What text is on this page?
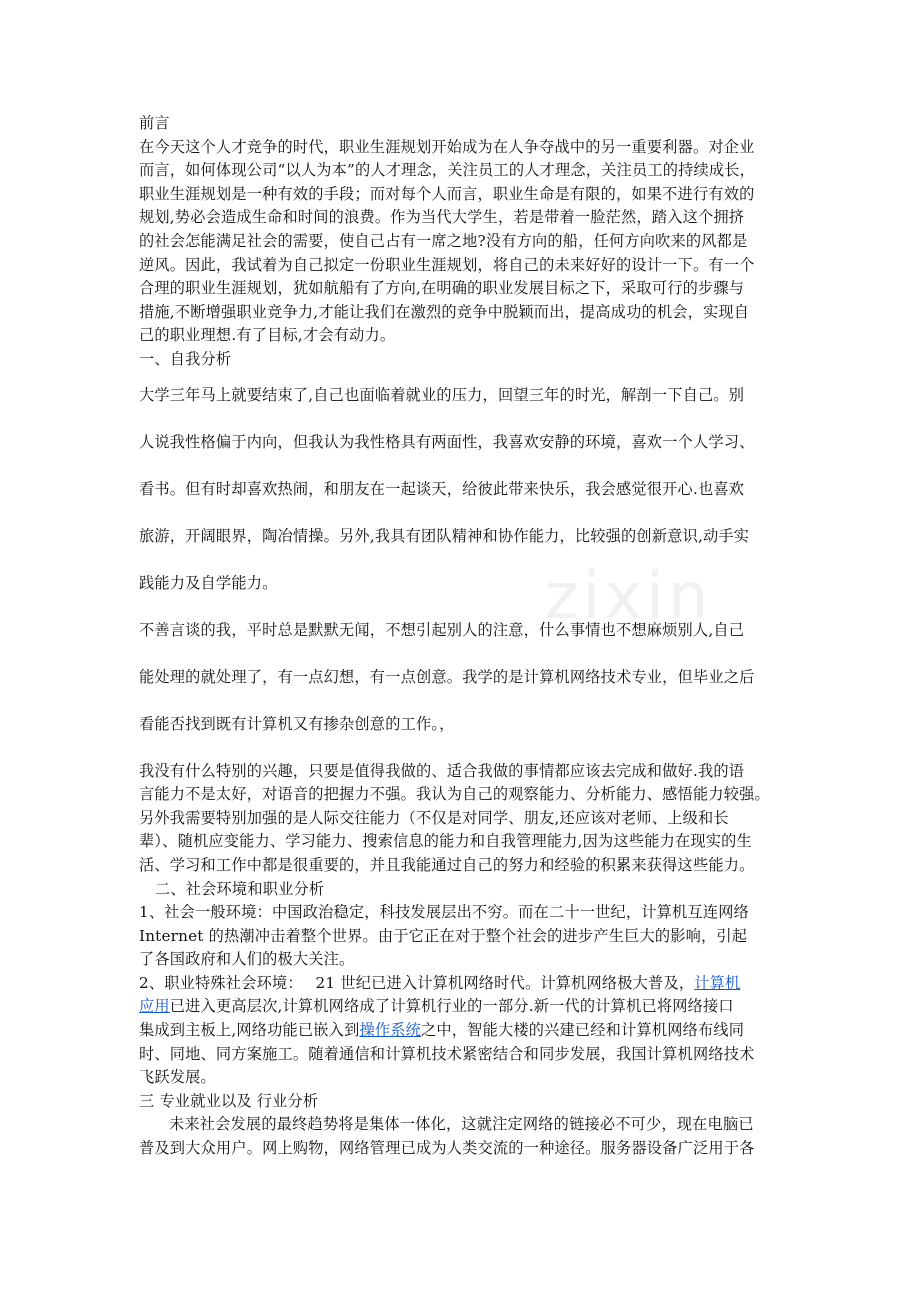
zixin
前言
在今天这个人才竞争的时代，职业生涯规划开始成为在人争夺战中的另一重要利器。对企业
而言，如何体现公司“以人为本”的人才理念，关注员工的人才理念，关注员工的持续成长，
职业生涯规划是一种有效的手段；而对每个人而言，职业生命是有限的，如果不进行有效的
规划,势必会造成生命和时间的浪费。作为当代大学生，若是带着一脸茫然，踏入这个拥挤
的社会怎能满足社会的需要，使自己占有一席之地?没有方向的船，任何方向吹来的风都是
逆风。因此，我试着为自己拟定一份职业生涯规划，将自己的未来好好的设计一下。有一个
合理的职业生涯规划，犹如航船有了方向,在明确的职业发展目标之下，采取可行的步骤与
措施,不断增强职业竞争力,才能让我们在激烈的竞争中脱颖而出，提高成功的机会，实现自
己的职业理想.有了目标,才会有动力。
一、自我分析
大学三年马上就要结束了,自己也面临着就业的压力，回望三年的时光，解剖一下自己。别
人说我性格偏于内向，但我认为我性格具有两面性，我喜欢安静的环境，喜欢一个人学习、
看书。但有时却喜欢热闹，和朋友在一起谈天，给彼此带来快乐，我会感觉很开心.也喜欢
旅游，开阔眼界，陶冶情操。另外,我具有团队精神和协作能力，比较强的创新意识,动手实
践能力及自学能力。
不善言谈的我，平时总是默默无闻，不想引起别人的注意，什么事情也不想麻烦别人,自己
能处理的就处理了，有一点幻想，有一点创意。我学的是计算机网络技术专业，但毕业之后
看能否找到既有计算机又有掺杂创意的工作。，
我没有什么特别的兴趣，只要是值得我做的、适合我做的事情都应该去完成和做好.我的语
言能力不是太好，对语音的把握力不强。我认为自己的观察能力、分析能力、感悟能力较强。
另外我需要特别加强的是人际交往能力（不仅是对同学、朋友,还应该对老师、上级和长
辈）、随机应变能力、学习能力、搜索信息的能力和自我管理能力,因为这些能力在现实的生
活、学习和工作中都是很重要的，并且我能通过自己的努力和经验的积累来获得这些能力。
二、社会环境和职业分析
1、社会一般环境：中国政治稳定，科技发展层出不穷。而在二十一世纪，计算机互连网络
Internet 的热潮冲击着整个世界。由于它正在对于整个社会的进步产生巨大的影响，引起
了各国政府和人们的极大关注。
2、职业特殊社会环境：　 21 世纪已进入计算机网络时代。计算机网络极大普及，计算机
应用已进入更高层次,计算机网络成了计算机行业的一部分.新一代的计算机已将网络接口
集成到主板上,网络功能已嵌入到操作系统之中，智能大楼的兴建已经和计算机网络布线同
时、同地、同方案施工。随着通信和计算机技术紧密结合和同步发展，我国计算机网络技术
飞跃发展。
三 专业就业以及 行业分析
未来社会发展的最终趋势将是集体一体化，这就注定网络的链接必不可少，现在电脑已
普及到大众用户。网上购物，网络管理已成为人类交流的一种途径。服务器设备广泛用于各
